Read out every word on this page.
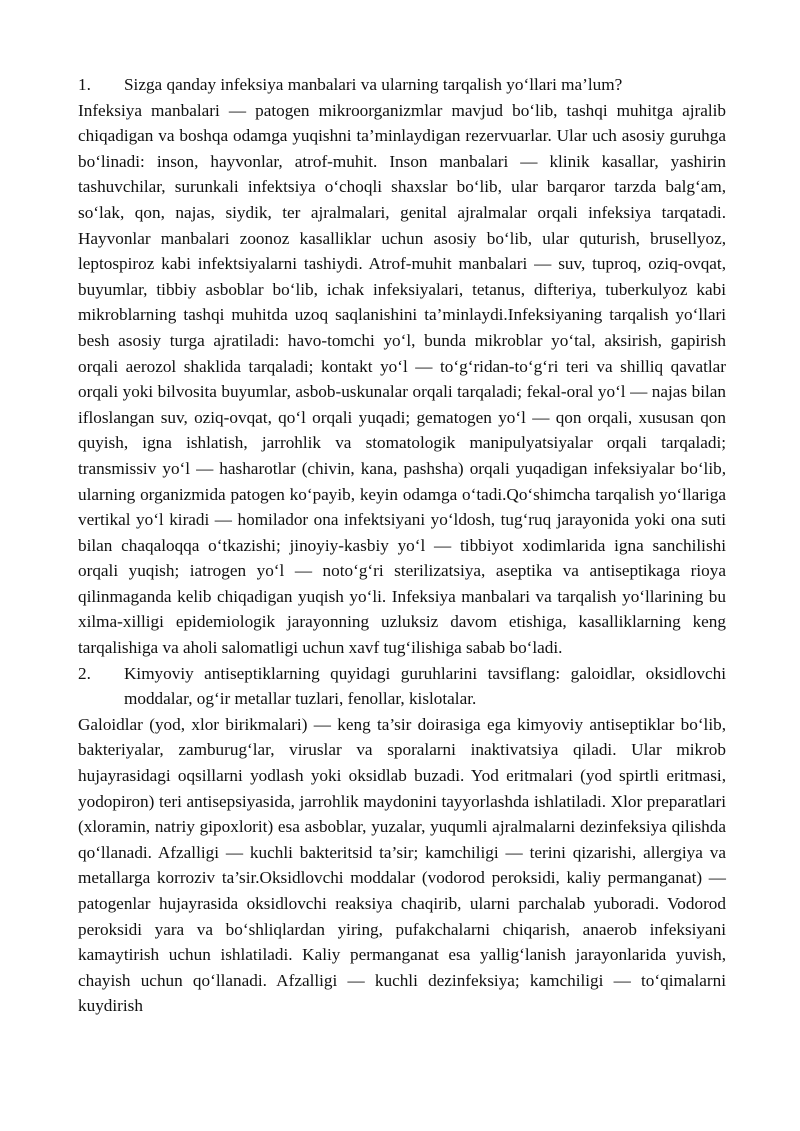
1.	Sizga qanday infeksiya manbalari va ularning tarqalish yo‘llari ma’lum?

Infeksiya manbalari — patogen mikroorganizmlar mavjud bo‘lib, tashqi muhitga ajralib chiqadigan va boshqa odamga yuqishni ta’minlaydigan rezervuarlar. Ular uch asosiy guruhga bo‘linadi: inson, hayvonlar, atrof-muhit. Inson manbalari — klinik kasallar, yashirin tashuvchilar, surunkali infektsiya o‘choqli shaxslar bo‘lib, ular barqaror tarzda balg‘am, so‘lak, qon, najas, siydik, ter ajralmalari, genital ajralmalar orqali infeksiya tarqatadi. Hayvonlar manbalari zoonoz kasalliklar uchun asosiy bo‘lib, ular quturish, brusellyoz, leptospiroz kabi infektsiyalarni tashiydi. Atrof-muhit manbalari — suv, tuproq, oziq-ovqat, buyumlar, tibbiy asboblar bo‘lib, ichak infeksiyalari, tetanus, difteriya, tuberkulyoz kabi mikroblarning tashqi muhitda uzoq saqlanishini ta’minlaydi.Infeksiyaning tarqalish yo‘llari besh asosiy turga ajratiladi: havo-tomchi yo‘l, bunda mikroblar yo‘tal, aksirish, gapirish orqali aerozol shaklida tarqaladi; kontakt yo‘l — to‘g‘ridan-to‘g‘ri teri va shilliq qavatlar orqali yoki bilvosita buyumlar, asbob-uskunalar orqali tarqaladi; fekal-oral yo‘l — najas bilan ifloslangan suv, oziq-ovqat, qo‘l orqali yuqadi; gematogen yo‘l — qon orqali, xususan qon quyish, igna ishlatish, jarrohlik va stomatologik manipulyatsiyalar orqali tarqaladi; transmissiv yo‘l — hasharotlar (chivin, kana, pashsha) orqali yuqadigan infeksiyalar bo‘lib, ularning organizmida patogen ko‘payib, keyin odamga o‘tadi.Qo‘shimcha tarqalish yo‘llariga vertikal yo‘l kiradi — homilador ona infektsiyani yo‘ldosh, tug‘ruq jarayonida yoki ona suti bilan chaqaloqqa o‘tkazishi; jinoyiy-kasbiy yo‘l — tibbiyot xodimlarida igna sanchilishi orqali yuqish; iatrogen yo‘l — noto‘g‘ri sterilizatsiya, aseptika va antiseptikaga rioya qilinmaganda kelib chiqadigan yuqish yo‘li. Infeksiya manbalari va tarqalish yo‘llarining bu xilma-xilligi epidemiologik jarayonning uzluksiz davom etishiga, kasalliklarning keng tarqalishiga va aholi salomatligi uchun xavf tug‘ilishiga sabab bo‘ladi.

2.	Kimyoviy antiseptiklarning quyidagi guruhlarini tavsiflang: galoidlar, oksidlovchi moddalar, og‘ir metallar tuzlari, fenollar, kislotalar.

Galoidlar (yod, xlor birikmalari) — keng ta’sir doirasiga ega kimyoviy antiseptiklar bo‘lib, bakteriyalar, zamburug‘lar, viruslar va sporalarni inaktivatsiya qiladi. Ular mikrob hujayrasidagi oqsillarni yodlash yoki oksidlab buzadi. Yod eritmalari (yod spirtli eritmasi, yodopiron) teri antisepsiyasida, jarrohlik maydonini tayyorlashda ishlatiladi. Xlor preparatlari (xloramin, natriy gipoxlorit) esa asboblar, yuzalar, yuqumli ajralmalarni dezinfeksiya qilishda qo‘llanadi. Afzalligi — kuchli bakteritsid ta’sir; kamchiligi — terini qizarishi, allergiya va metallarga korroziv ta’sir.Oksidlovchi moddalar (vodorod peroksidi, kaliy permanganat) — patogenlar hujayrasida oksidlovchi reaksiya chaqirib, ularni parchalab yuboradi. Vodorod peroksidi yara va bo‘shliqlardan yiring, pufakchalarni chiqarish, anaerob infeksiyani kamaytirish uchun ishlatiladi. Kaliy permanganat esa yallig‘lanish jarayonlarida yuvish, chayish uchun qo‘llanadi. Afzalligi — kuchli dezinfeksiya; kamchiligi — to‘qimalarni kuydirish
